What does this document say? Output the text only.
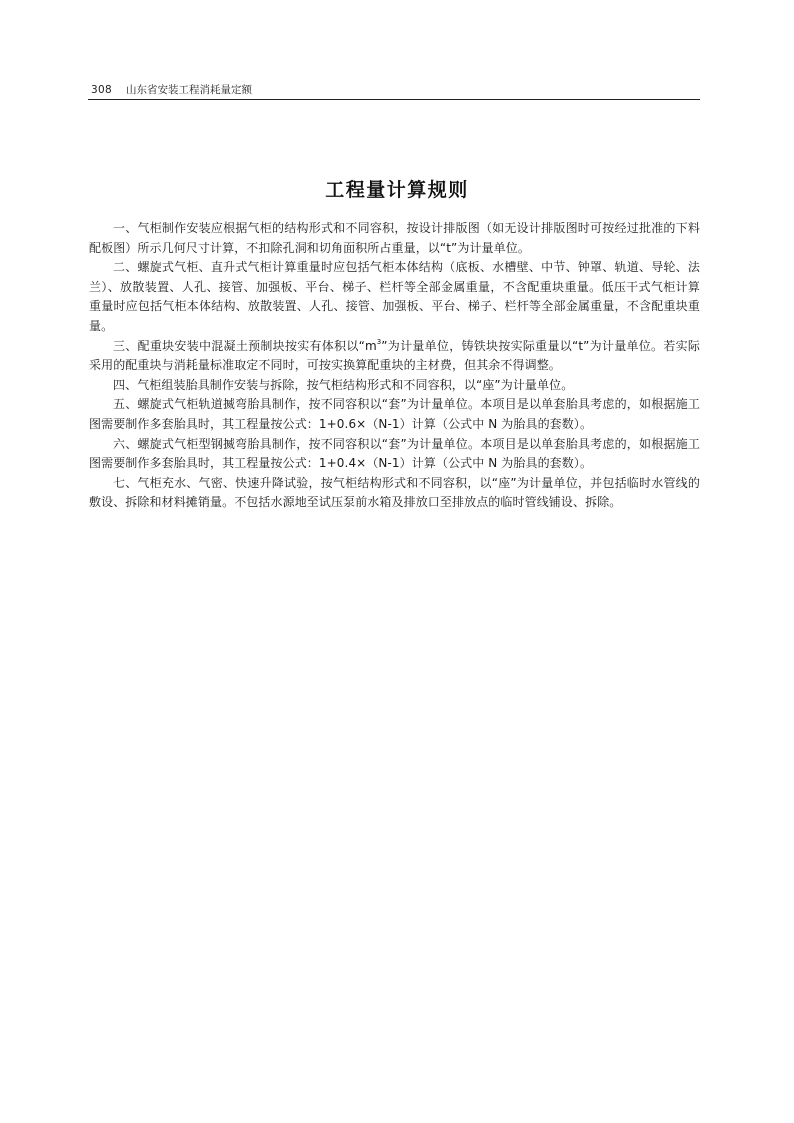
308 山东省安装工程消耗量定额
工程量计算规则

一、气柜制作安装应根据气柜的结构形式和不同容积，按设计排版图（如无设计排版图时可按经过批准的下料配板图）所示几何尺寸计算，不扣除孔洞和切角面积所占重量，以“t”为计量单位。

二、螺旋式气柜、直升式气柜计算重量时应包括气柜本体结构（底板、水槽壁、中节、钟罩、轨道、导轮、法兰）、放散装置、人孔、接管、加强板、平台、梯子、栏杆等全部金属重量，不含配重块重量。低压干式气柜计算重量时应包括气柜本体结构、放散装置、人孔、接管、加强板、平台、梯子、栏杆等全部金属重量，不含配重块重量。

三、配重块安装中混凝土预制块按实有体积以“$m^3$”为计量单位，铸铁块按实际重量以“t”为计量单位。若实际采用的配重块与消耗量标准取定不同时，可按实换算配重块的主材费，但其余不得调整。

四、气柜组装胎具制作安装与拆除，按气柜结构形式和不同容积，以“座”为计量单位。

五、螺旋式气柜轨道揻弯胎具制作，按不同容积以“套”为计量单位。本项目是以单套胎具考虑的，如根据施工图需要制作多套胎具时，其工程量按公式：1+0.6×（N-1）计算（公式中 N 为胎具的套数）。

六、螺旋式气柜型钢揻弯胎具制作，按不同容积以“套”为计量单位。本项目是以单套胎具考虑的，如根据施工图需要制作多套胎具时，其工程量按公式：1+0.4×（N-1）计算（公式中 N 为胎具的套数）。

七、气柜充水、气密、快速升降试验，按气柜结构形式和不同容积，以“座”为计量单位，并包括临时水管线的敷设、拆除和材料摊销量。不包括水源地至试压泵前水箱及排放口至排放点的临时管线铺设、拆除。
